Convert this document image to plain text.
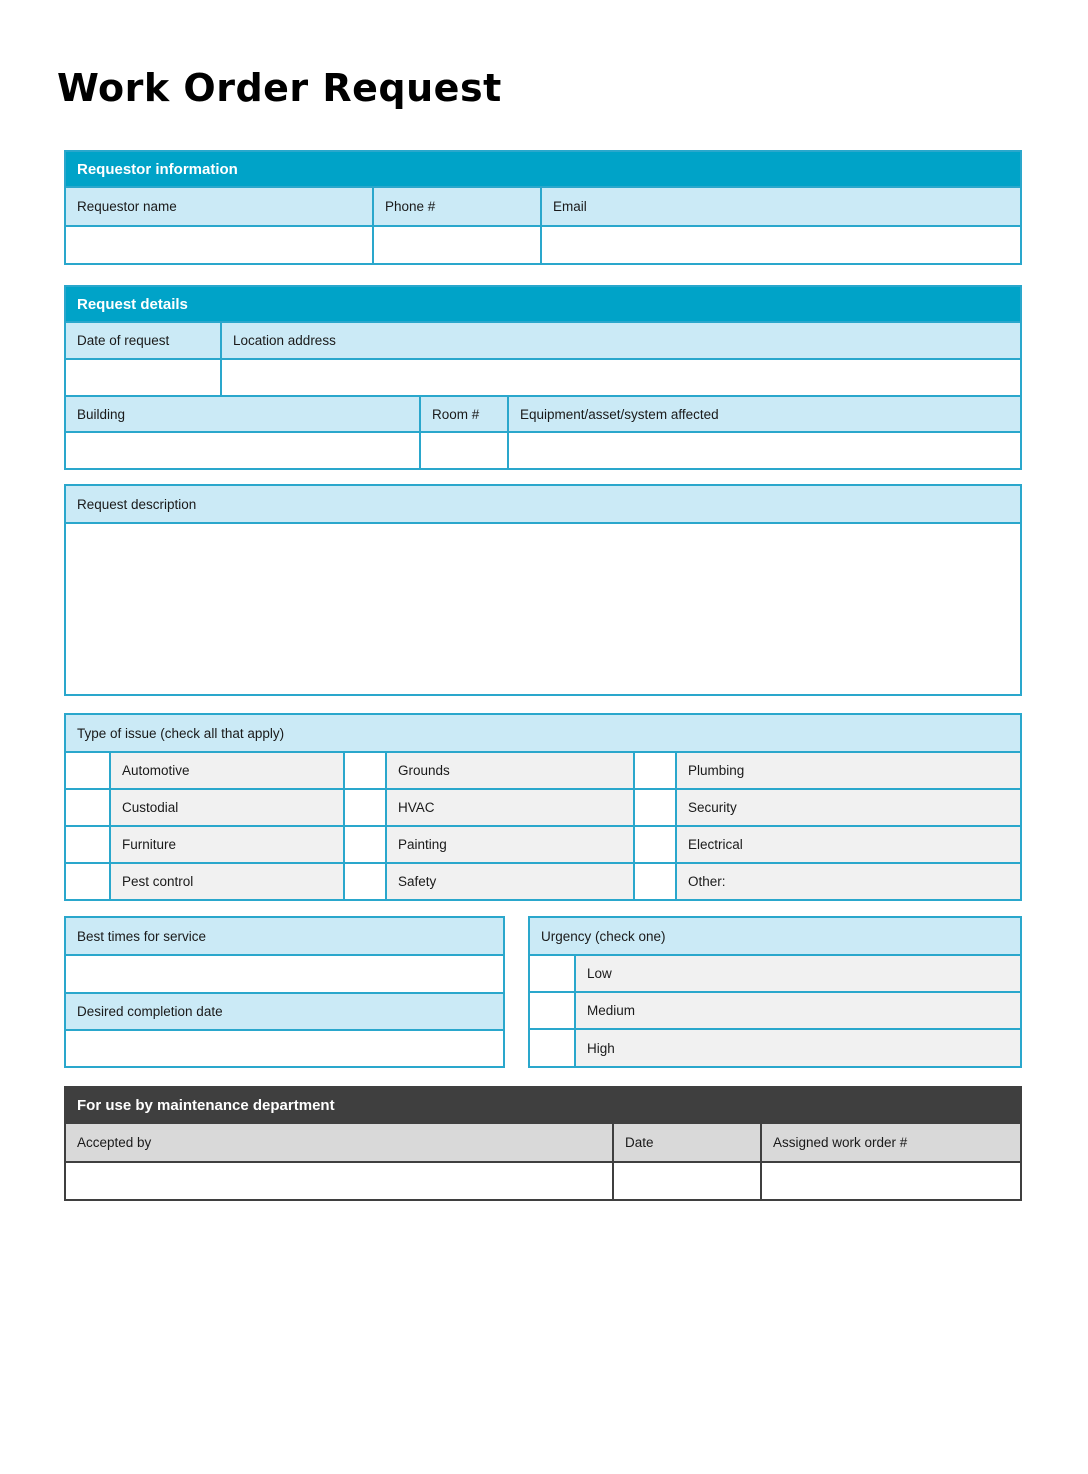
Work Order Request
Requestor information
Requestor name	Phone #	Email
Request details
Date of request	Location address
Building	Room #	Equipment/asset/system affected
Request description
Type of issue (check all that apply)
Automotive	Grounds	Plumbing
Custodial	HVAC	Security
Furniture	Painting	Electrical
Pest control	Safety	Other:
Best times for service
Desired completion date
Urgency (check one)
Low
Medium
High
For use by maintenance department
Accepted by	Date	Assigned work order #
